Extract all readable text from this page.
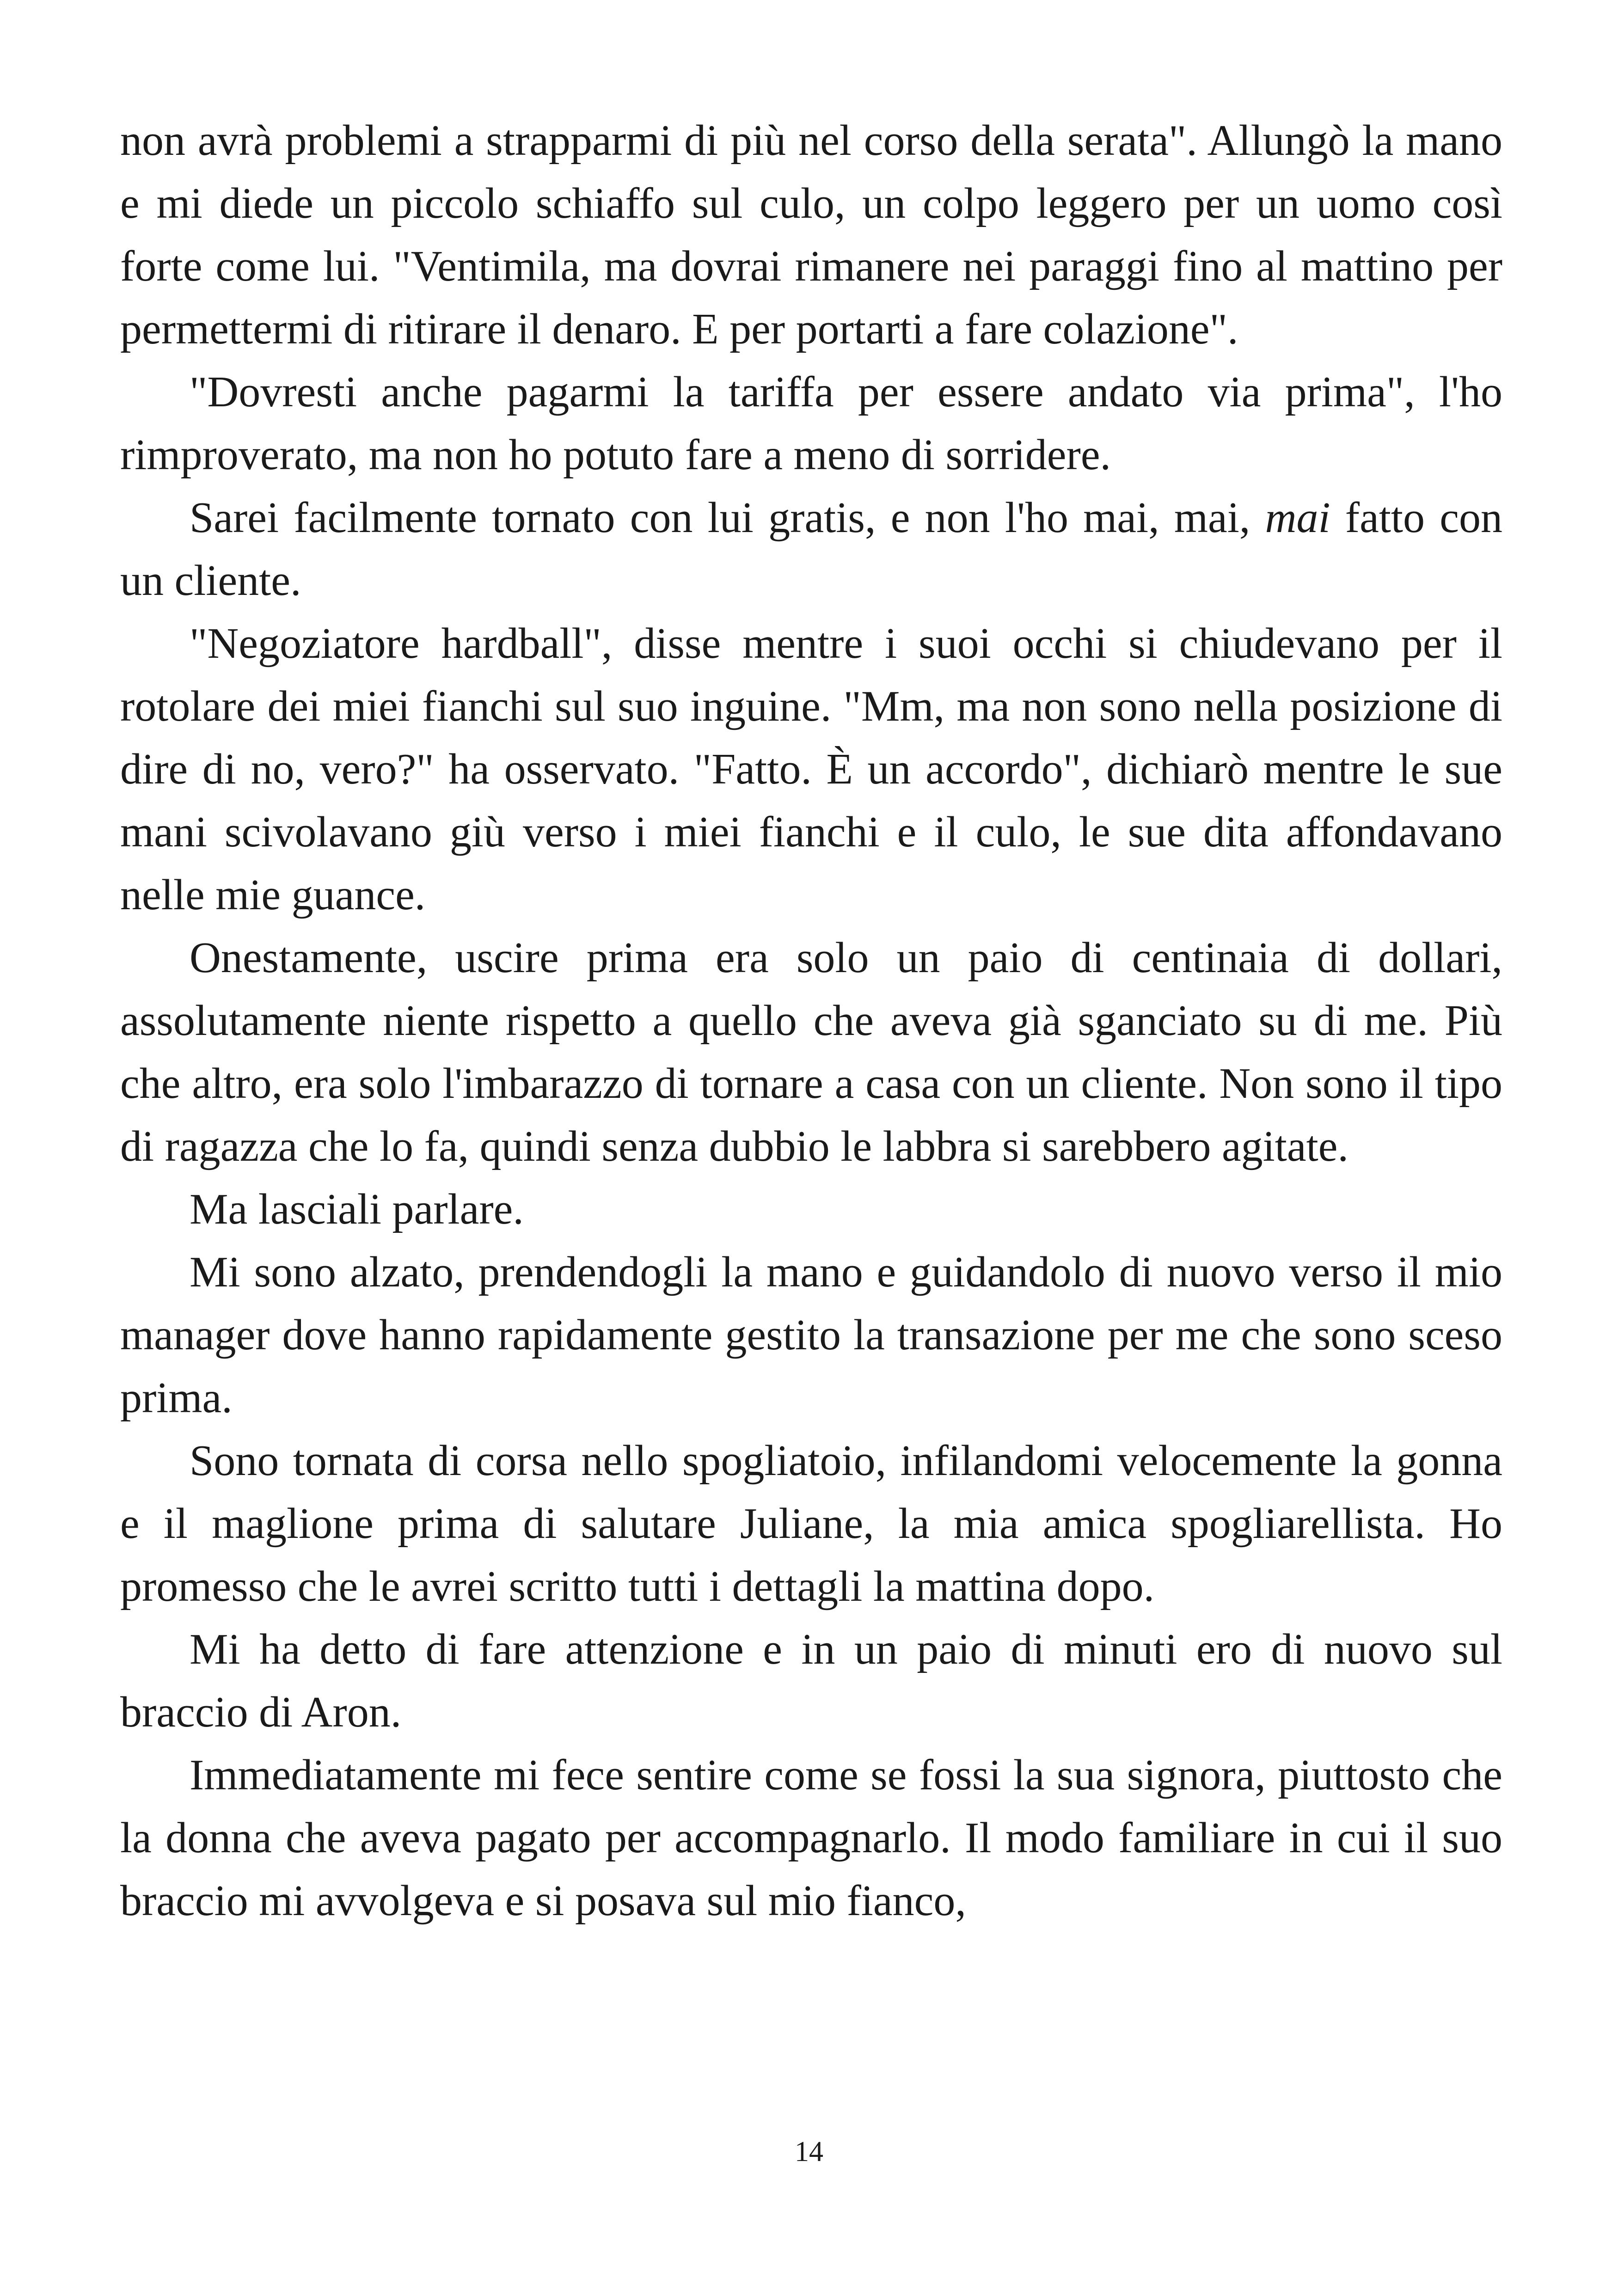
non avrà problemi a strapparmi di più nel corso della serata". Allungò la mano e mi diede un piccolo schiaffo sul culo, un colpo leggero per un uomo così forte come lui. "Ventimila, ma dovrai rimanere nei paraggi fino al mattino per permettermi di ritirare il denaro. E per portarti a fare colazione".

"Dovresti anche pagarmi la tariffa per essere andato via prima", l'ho rimproverato, ma non ho potuto fare a meno di sorridere.

Sarei facilmente tornato con lui gratis, e non l'ho mai, mai, mai fatto con un cliente.

"Negoziatore hardball", disse mentre i suoi occhi si chiudevano per il rotolare dei miei fianchi sul suo inguine. "Mm, ma non sono nella posizione di dire di no, vero?" ha osservato. "Fatto. È un accordo", dichiarò mentre le sue mani scivolavano giù verso i miei fianchi e il culo, le sue dita affondavano nelle mie guance.

Onestamente, uscire prima era solo un paio di centinaia di dollari, assolutamente niente rispetto a quello che aveva già sganciato su di me. Più che altro, era solo l'imbarazzo di tornare a casa con un cliente. Non sono il tipo di ragazza che lo fa, quindi senza dubbio le labbra si sarebbero agitate.

Ma lasciali parlare.

Mi sono alzato, prendendogli la mano e guidandolo di nuovo verso il mio manager dove hanno rapidamente gestito la transazione per me che sono sceso prima.

Sono tornata di corsa nello spogliatoio, infilandomi velocemente la gonna e il maglione prima di salutare Juliane, la mia amica spogliarellista. Ho promesso che le avrei scritto tutti i dettagli la mattina dopo.

Mi ha detto di fare attenzione e in un paio di minuti ero di nuovo sul braccio di Aron.

Immediatamente mi fece sentire come se fossi la sua signora, piuttosto che la donna che aveva pagato per accompagnarlo. Il modo familiare in cui il suo braccio mi avvolgeva e si posava sul mio fianco,

14
